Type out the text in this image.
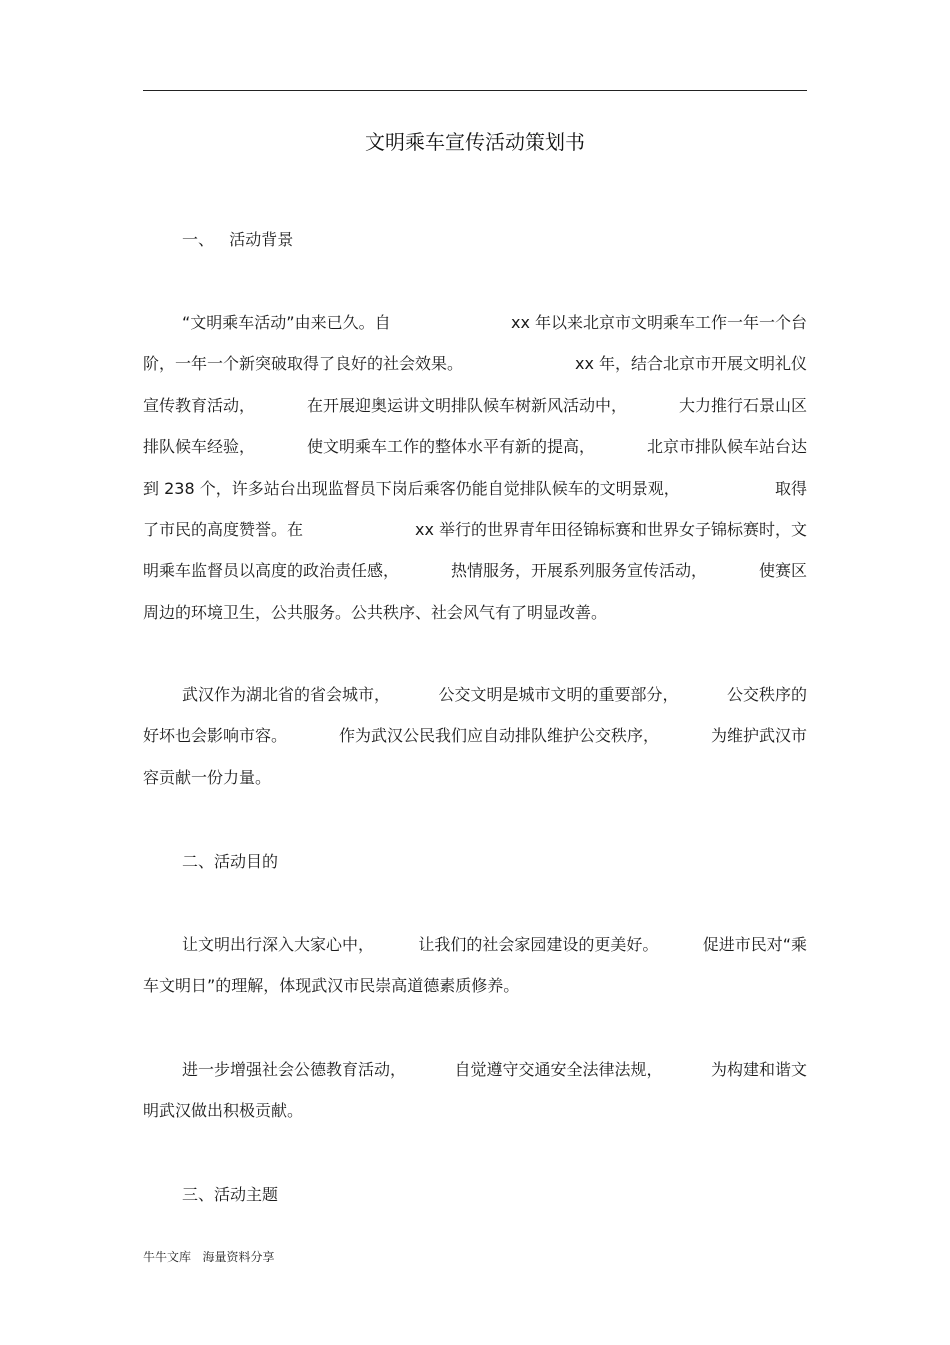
文明乘车宣传活动策划书
一、   活动背景
“文明乘车活动”由来已久。自	xx 年以来北京市文明乘车工作一年一个台
阶，一年一个新突破取得了良好的社会效果。	xx 年，结合北京市开展文明礼仪
宣传教育活动，	在开展迎奥运讲文明排队候车树新风活动中，	大力推行石景山区
排队候车经验，	使文明乘车工作的整体水平有新的提高，	北京市排队候车站台达
到 238 个，许多站台出现监督员下岗后乘客仍能自觉排队候车的文明景观，	取得
了市民的高度赞誉。在	xx 举行的世界青年田径锦标赛和世界女子锦标赛时，文
明乘车监督员以高度的政治责任感，	热情服务，开展系列服务宣传活动，	使赛区
周边的环境卫生，公共服务。公共秩序、社会风气有了明显改善。
武汉作为湖北省的省会城市，	公交文明是城市文明的重要部分，	公交秩序的
好坏也会影响市容。	作为武汉公民我们应自动排队维护公交秩序，	为维护武汉市
容贡献一份力量。
二、活动目的
让文明出行深入大家心中，	让我们的社会家园建设的更美好。	促进市民对“乘
车文明日”的理解，体现武汉市民崇高道德素质修养。
进一步增强社会公德教育活动，	自觉遵守交通安全法律法规，	为构建和谐文
明武汉做出积极贡献。
三、活动主题
牛牛文库   海量资料分享
